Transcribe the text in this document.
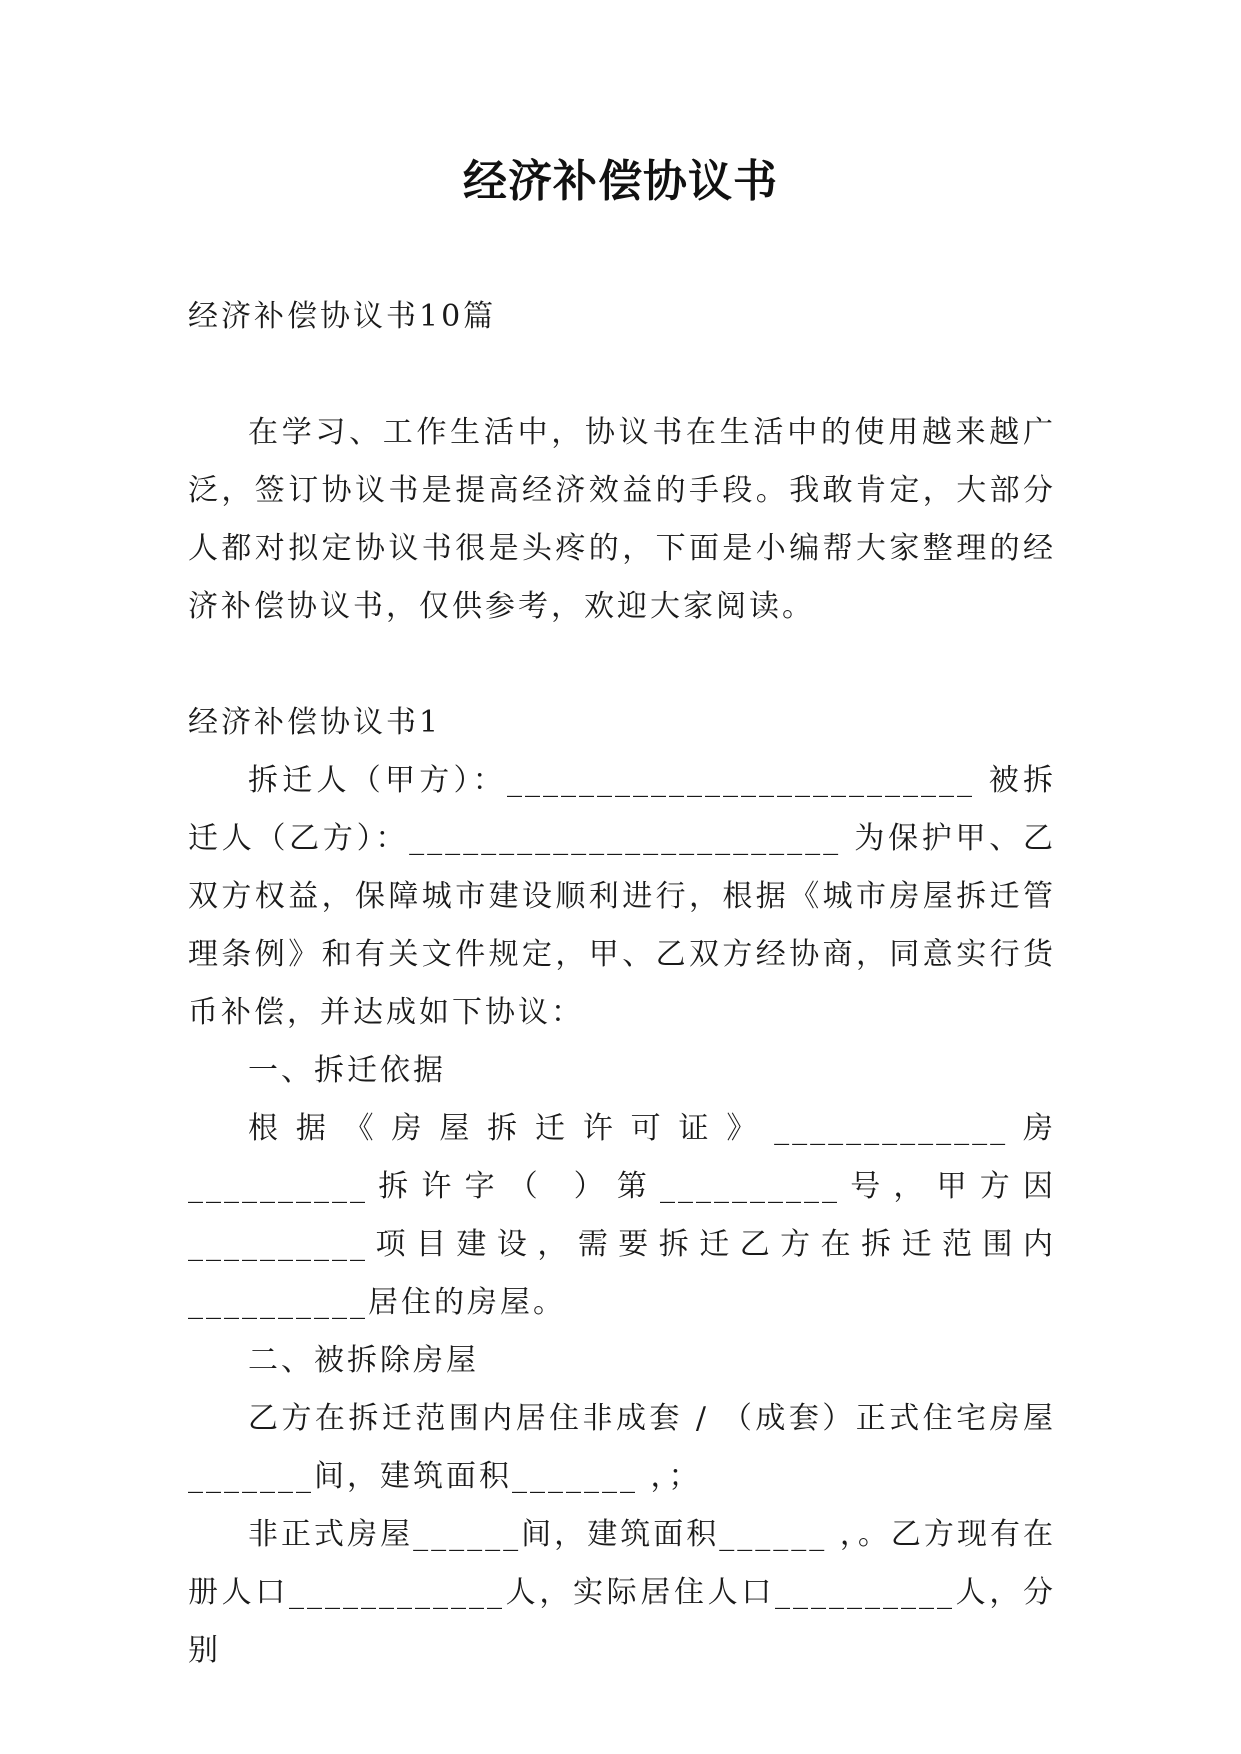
经济补偿协议书

经济补偿协议书10篇

在学习、工作生活中，协议书在生活中的使用越来越广泛，签订协议书是提高经济效益的手段。我敢肯定，大部分人都对拟定协议书很是头疼的，下面是小编帮大家整理的经济补偿协议书，仅供参考，欢迎大家阅读。

经济补偿协议书1

拆迁人（甲方）：__________________________ 被拆迁人（乙方）：________________________ 为保护甲、乙双方权益，保障城市建设顺利进行，根据《城市房屋拆迁管理条例》和有关文件规定，甲、乙双方经协商，同意实行货币补偿，并达成如下协议：

一、拆迁依据

根据《房屋拆迁许可证》_____________房__________拆许字（ ）第__________号，甲方因__________项目建设，需要拆迁乙方在拆迁范围内__________居住的房屋。

二、被拆除房屋

乙方在拆迁范围内居住非成套 / （成套）正式住宅房屋_______间，建筑面积_______ ，；

非正式房屋______间，建筑面积______ ，。乙方现有在册人口____________人，实际居住人口__________人，分别
